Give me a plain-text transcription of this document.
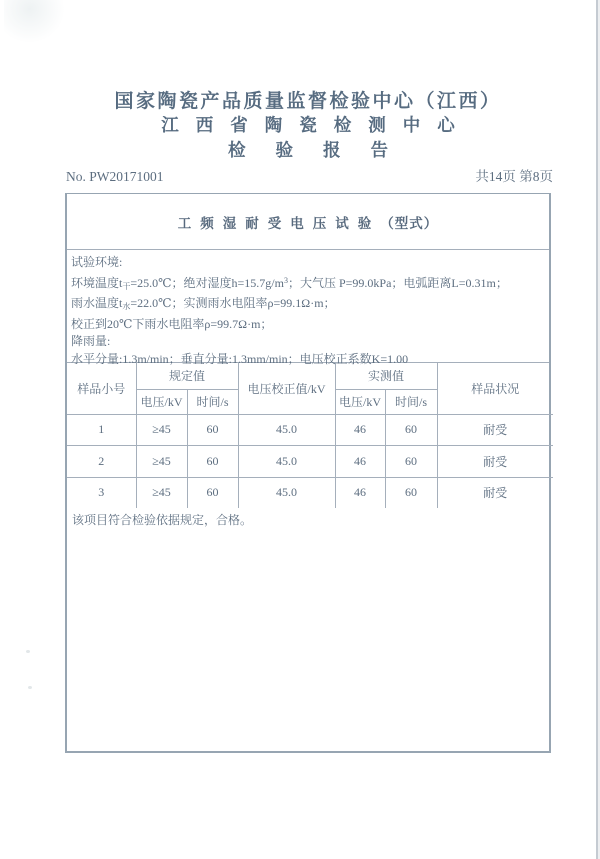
国家陶瓷产品质量监督检验中心（江西）
江西省陶瓷检测中心
检验报告
No. PW20171001	共14页 第8页
工频湿耐受电压试验 （型式）
试验环境:
环境温度t干=25.0℃；绝对湿度$h=15.7g/m^3$；大气压 P=99.0kPa；电弧距离L=0.31m；
雨水温度t水=22.0℃；实测雨水电阻率ρ=99.1Ω·m；
校正到20℃下雨水电阻率ρ=99.7Ω·m；
降雨量:
水平分量:1.3m/min；垂直分量:1.3mm/min；电压校正系数K=1.00
样品小号	规定值		电压校正值/kV	实测值		样品状况
	电压/kV	时间/s		电压/kV	时间/s	
1	≥45	60	45.0	46	60	耐受
2	≥45	60	45.0	46	60	耐受
3	≥45	60	45.0	46	60	耐受
该项目符合检验依据规定，合格。
